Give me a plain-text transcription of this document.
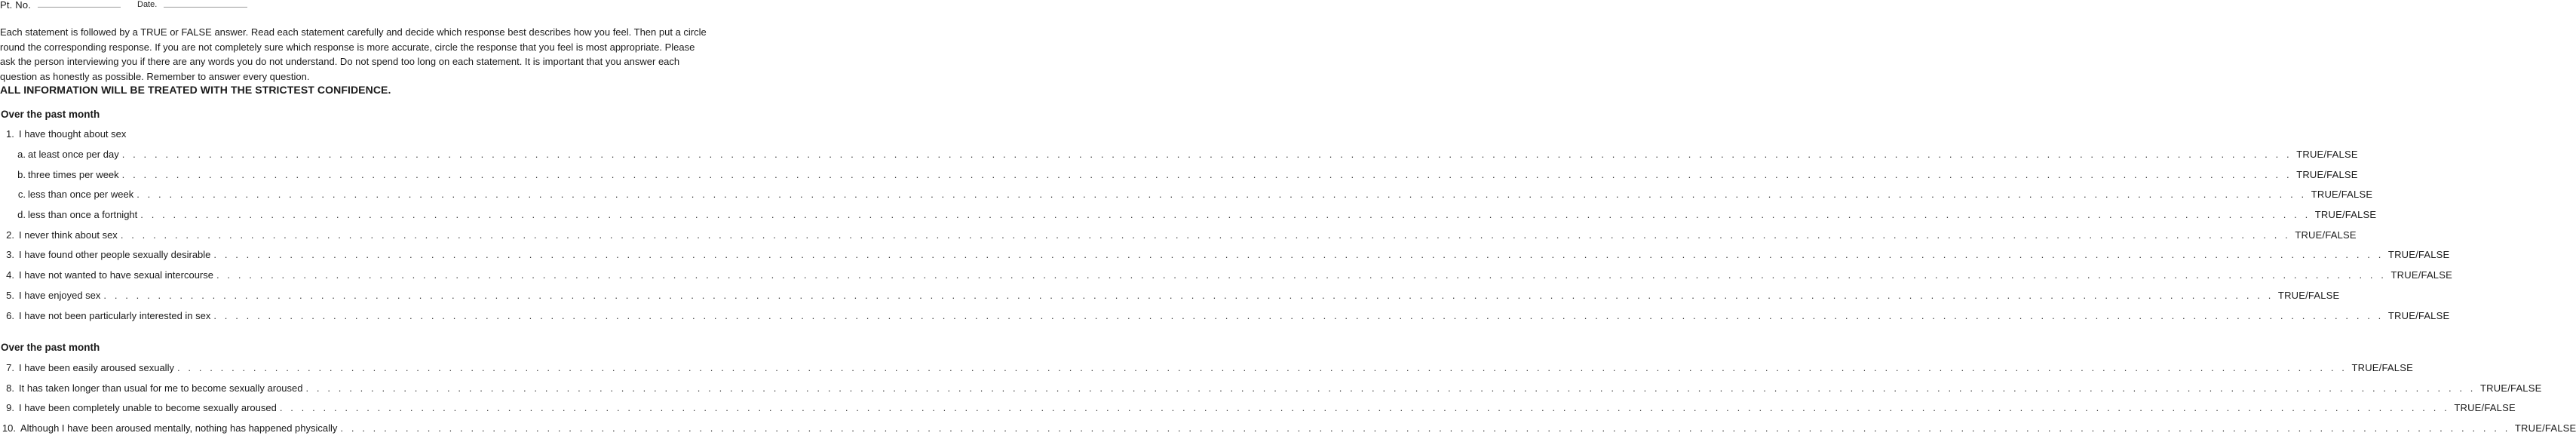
Pt. No.	Date.

Each statement is followed by a TRUE or FALSE answer. Read each statement carefully and decide which response best describes how you feel. Then put a circle

round the corresponding response. If you are not completely sure which response is more accurate, circle the response that you feel is most appropriate. Please

ask the person interviewing you if there are any words you do not understand. Do not spend too long on each statement. It is important that you answer each

question as honestly as possible. Remember to answer every question.

ALL INFORMATION WILL BE TREATED WITH THE STRICTEST CONFIDENCE.
Over the past month
1. I have thought about sex
a. at least once per day . . . . . . . . . . . . . . . . . . . . . . . . . . . . . . . . . . . . . . . . . . . . . . . . . . . . . . . . . . . . . . . . . . . . . . . . . . . . . . . . . . . . . . . . . . . . . . . . . . . . . . . . . . . . . . . . . . . . . . . . . . . . . . . . . . . . . . . . . . . . . . . . . . . . . . . . . . . . . . . . . . . . . . . . . . . . . . . . . . . . . . . . . . . . . . . . . . . . . . . . TRUE/FALSE
b. three times per week . . . . . . . . . . . . . . . . . . . . . . . . . . . . . . . . . . . . . . . . . . . . . . . . . . . . . . . . . . . . . . . . . . . . . . . . . . . . . . . . . . . . . . . . . . . . . . . . . . . . . . . . . . . . . . . . . . . . . . . . . . . . . . . . . . . . . . . . . . . . . . . . . . . . . . . . . . . . . . . . . . . . . . . . . . . . . . . . . . . . . . . . . . . . . . . . . . . . . . . . TRUE/FALSE
c. less than once per week . . . . . . . . . . . . . . . . . . . . . . . . . . . . . . . . . . . . . . . . . . . . . . . . . . . . . . . . . . . . . . . . . . . . . . . . . . . . . . . . . . . . . . . . . . . . . . . . . . . . . . . . . . . . . . . . . . . . . . . . . . . . . . . . . . . . . . . . . . . . . . . . . . . . . . . . . . . . . . . . . . . . . . . . . . . . . . . . . . . . . . . . . . . . . . . . . . . . . . . . TRUE/FALSE
d. less than once a fortnight . . . . . . . . . . . . . . . . . . . . . . . . . . . . . . . . . . . . . . . . . . . . . . . . . . . . . . . . . . . . . . . . . . . . . . . . . . . . . . . . . . . . . . . . . . . . . . . . . . . . . . . . . . . . . . . . . . . . . . . . . . . . . . . . . . . . . . . . . . . . . . . . . . . . . . . . . . . . . . . . . . . . . . . . . . . . . . . . . . . . . . . . . . . . . . . . . . . . . . . . TRUE/FALSE
2. I never think about sex . . . . . . . . . . . . . . . . . . . . . . . . . . . . . . . . . . . . . . . . . . . . . . . . . . . . . . . . . . . . . . . . . . . . . . . . . . . . . . . . . . . . . . . . . . . . . . . . . . . . . . . . . . . . . . . . . . . . . . . . . . . . . . . . . . . . . . . . . . . . . . . . . . . . . . . . . . . . . . . . . . . . . . . . . . . . . . . . . . . . . . . . . . . . . . . . . . . . . . . . TRUE/FALSE
3. I have found other people sexually desirable . . . . . . . . . . . . . . . . . . . . . . . . . . . . . . . . . . . . . . . . . . . . . . . . . . . . . . . . . . . . . . . . . . . . . . . . . . . . . . . . . . . . . . . . . . . . . . . . . . . . . . . . . . . . . . . . . . . . . . . . . . . . . . . . . . . . . . . . . . . . . . . . . . . . . . . . . . . . . . . . . . . . . . . . . . . . . . . . . . . . . . . . . . . . . . . . . . . . . . . . TRUE/FALSE
4. I have not wanted to have sexual intercourse . . . . . . . . . . . . . . . . . . . . . . . . . . . . . . . . . . . . . . . . . . . . . . . . . . . . . . . . . . . . . . . . . . . . . . . . . . . . . . . . . . . . . . . . . . . . . . . . . . . . . . . . . . . . . . . . . . . . . . . . . . . . . . . . . . . . . . . . . . . . . . . . . . . . . . . . . . . . . . . . . . . . . . . . . . . . . . . . . . . . . . . . . . . . . . . . . . . . . . . . TRUE/FALSE
5. I have enjoyed sex . . . . . . . . . . . . . . . . . . . . . . . . . . . . . . . . . . . . . . . . . . . . . . . . . . . . . . . . . . . . . . . . . . . . . . . . . . . . . . . . . . . . . . . . . . . . . . . . . . . . . . . . . . . . . . . . . . . . . . . . . . . . . . . . . . . . . . . . . . . . . . . . . . . . . . . . . . . . . . . . . . . . . . . . . . . . . . . . . . . . . . . . . . . . . . . . . . . . . . . . TRUE/FALSE
6. I have not been particularly interested in sex . . . . . . . . . . . . . . . . . . . . . . . . . . . . . . . . . . . . . . . . . . . . . . . . . . . . . . . . . . . . . . . . . . . . . . . . . . . . . . . . . . . . . . . . . . . . . . . . . . . . . . . . . . . . . . . . . . . . . . . . . . . . . . . . . . . . . . . . . . . . . . . . . . . . . . . . . . . . . . . . . . . . . . . . . . . . . . . . . . . . . . . . . . . . . . . . . . . . . . . . TRUE/FALSE
Over the past month
7. I have been easily aroused sexually . . . . . . . . . . . . . . . . . . . . . . . . . . . . . . . . . . . . . . . . . . . . . . . . . . . . . . . . . . . . . . . . . . . . . . . . . . . . . . . . . . . . . . . . . . . . . . . . . . . . . . . . . . . . . . . . . . . . . . . . . . . . . . . . . . . . . . . . . . . . . . . . . . . . . . . . . . . . . . . . . . . . . . . . . . . . . . . . . . . . . . . . . . . . . . . . . . . . . . . . TRUE/FALSE
8. It has taken longer than usual for me to become sexually aroused . . . . . . . . . . . . . . . . . . . . . . . . . . . . . . . . . . . . . . . . . . . . . . . . . . . . . . . . . . . . . . . . . . . . . . . . . . . . . . . . . . . . . . . . . . . . . . . . . . . . . . . . . . . . . . . . . . . . . . . . . . . . . . . . . . . . . . . . . . . . . . . . . . . . . . . . . . . . . . . . . . . . . . . . . . . . . . . . . . . . . . . . . . . . . . . . . . . . . . . . TRUE/FALSE
9. I have been completely unable to become sexually aroused . . . . . . . . . . . . . . . . . . . . . . . . . . . . . . . . . . . . . . . . . . . . . . . . . . . . . . . . . . . . . . . . . . . . . . . . . . . . . . . . . . . . . . . . . . . . . . . . . . . . . . . . . . . . . . . . . . . . . . . . . . . . . . . . . . . . . . . . . . . . . . . . . . . . . . . . . . . . . . . . . . . . . . . . . . . . . . . . . . . . . . . . . . . . . . . . . . . . . . . . TRUE/FALSE
10. Although I have been aroused mentally, nothing has happened physically . . . . . . . . . . . . . . . . . . . . . . . . . . . . . . . . . . . . . . . . . . . . . . . . . . . . . . . . . . . . . . . . . . . . . . . . . . . . . . . . . . . . . . . . . . . . . . . . . . . . . . . . . . . . . . . . . . . . . . . . . . . . . . . . . . . . . . . . . . . . . . . . . . . . . . . . . . . . . . . . . . . . . . . . . . . . . . . . . . . . . . . . . . . . . . . . . . . . . . . . TRUE/FALSE
